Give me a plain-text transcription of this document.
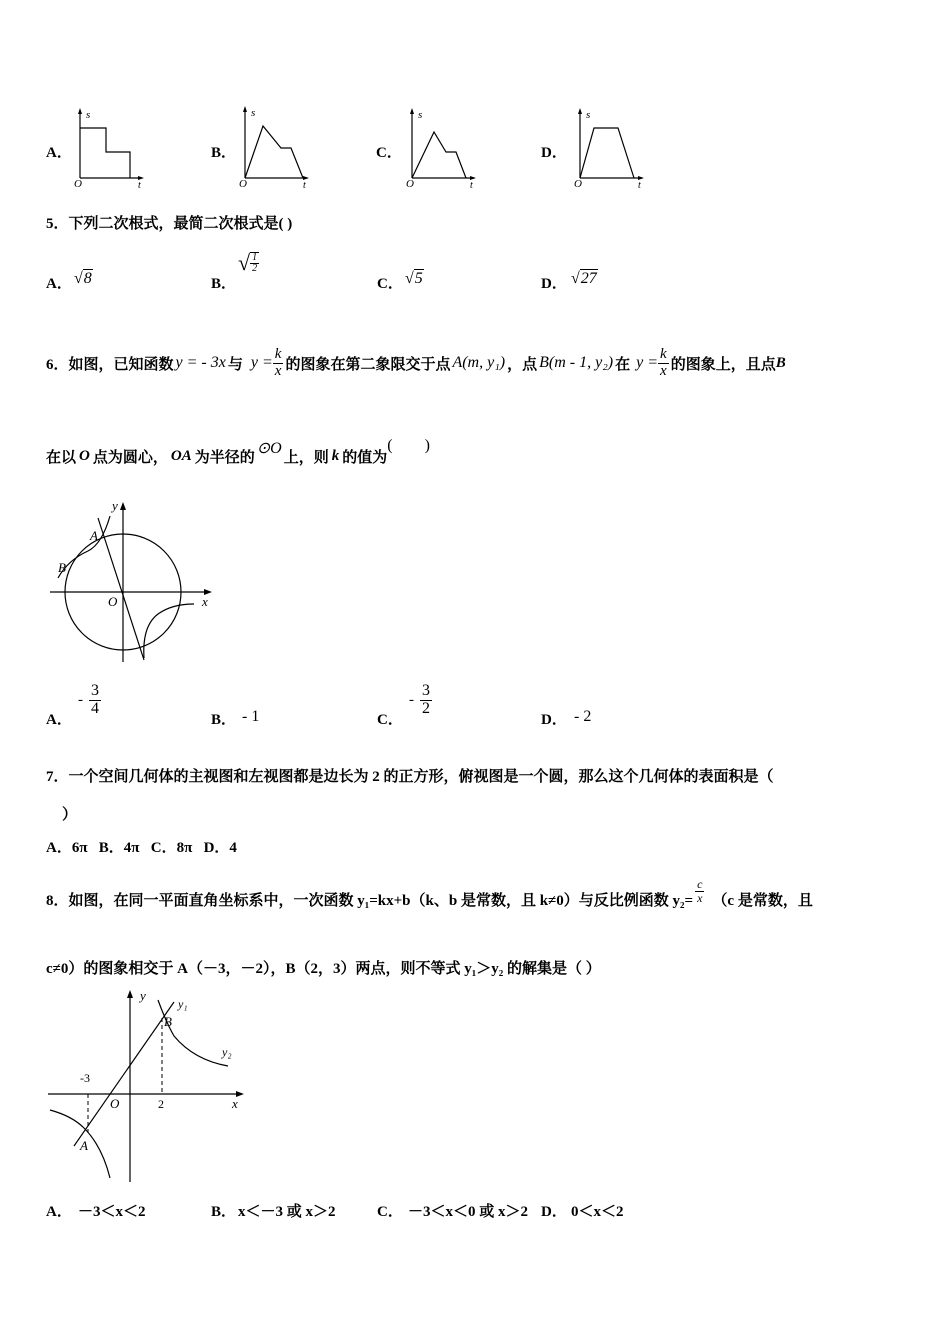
A．
s
t
O
B．
s
t
O
C．
s
t
O
D．
s
t
O
5．下列二次根式，最简二次根式是( )
A． √8	B．
√ $\frac{1}{2}$
C． √5	D． √27
6．如图，已知函数 y = - 3x 与 $y = \frac{k}{x}$ 的图象在第二象限交于点 A(m, y₁) ，点 B(m - 1, y₂) 在 $y = \frac{k}{x}$ 的图象上，且点 B
在以 O 点为圆心， OA 为半径的
⊙O
上，则 k 的值为
(        )
A
B
O	x
y
A．
- $\frac{3}{4}$
B． - 1	C．
- $\frac{3}{2}$
D． - 2
7．一个空间几何体的主视图和左视图都是边长为 2 的正方形，俯视图是一个圆，那么这个几何体的表面积是（
）
A．6π   B．4π   C．8π   D．4
8．如图，在同一平面直角坐标系中，一次函数 y₁=kx+b（k、b 是常数，且 k≠0）与反比例函数 $y_2= \frac{c}{x} (c$ 是常数，且
c≠0）的图象相交于 A（－3，－2），B（2，3）两点，则不等式 y₁＞y₂ 的解集是（ ）
y
x
O
A
B
y₁
y₂
-3
2
A． －3＜x＜2	B． x＜－3 或 x＞2	C． －3＜x＜0 或 x＞2 D． 0＜x＜2
